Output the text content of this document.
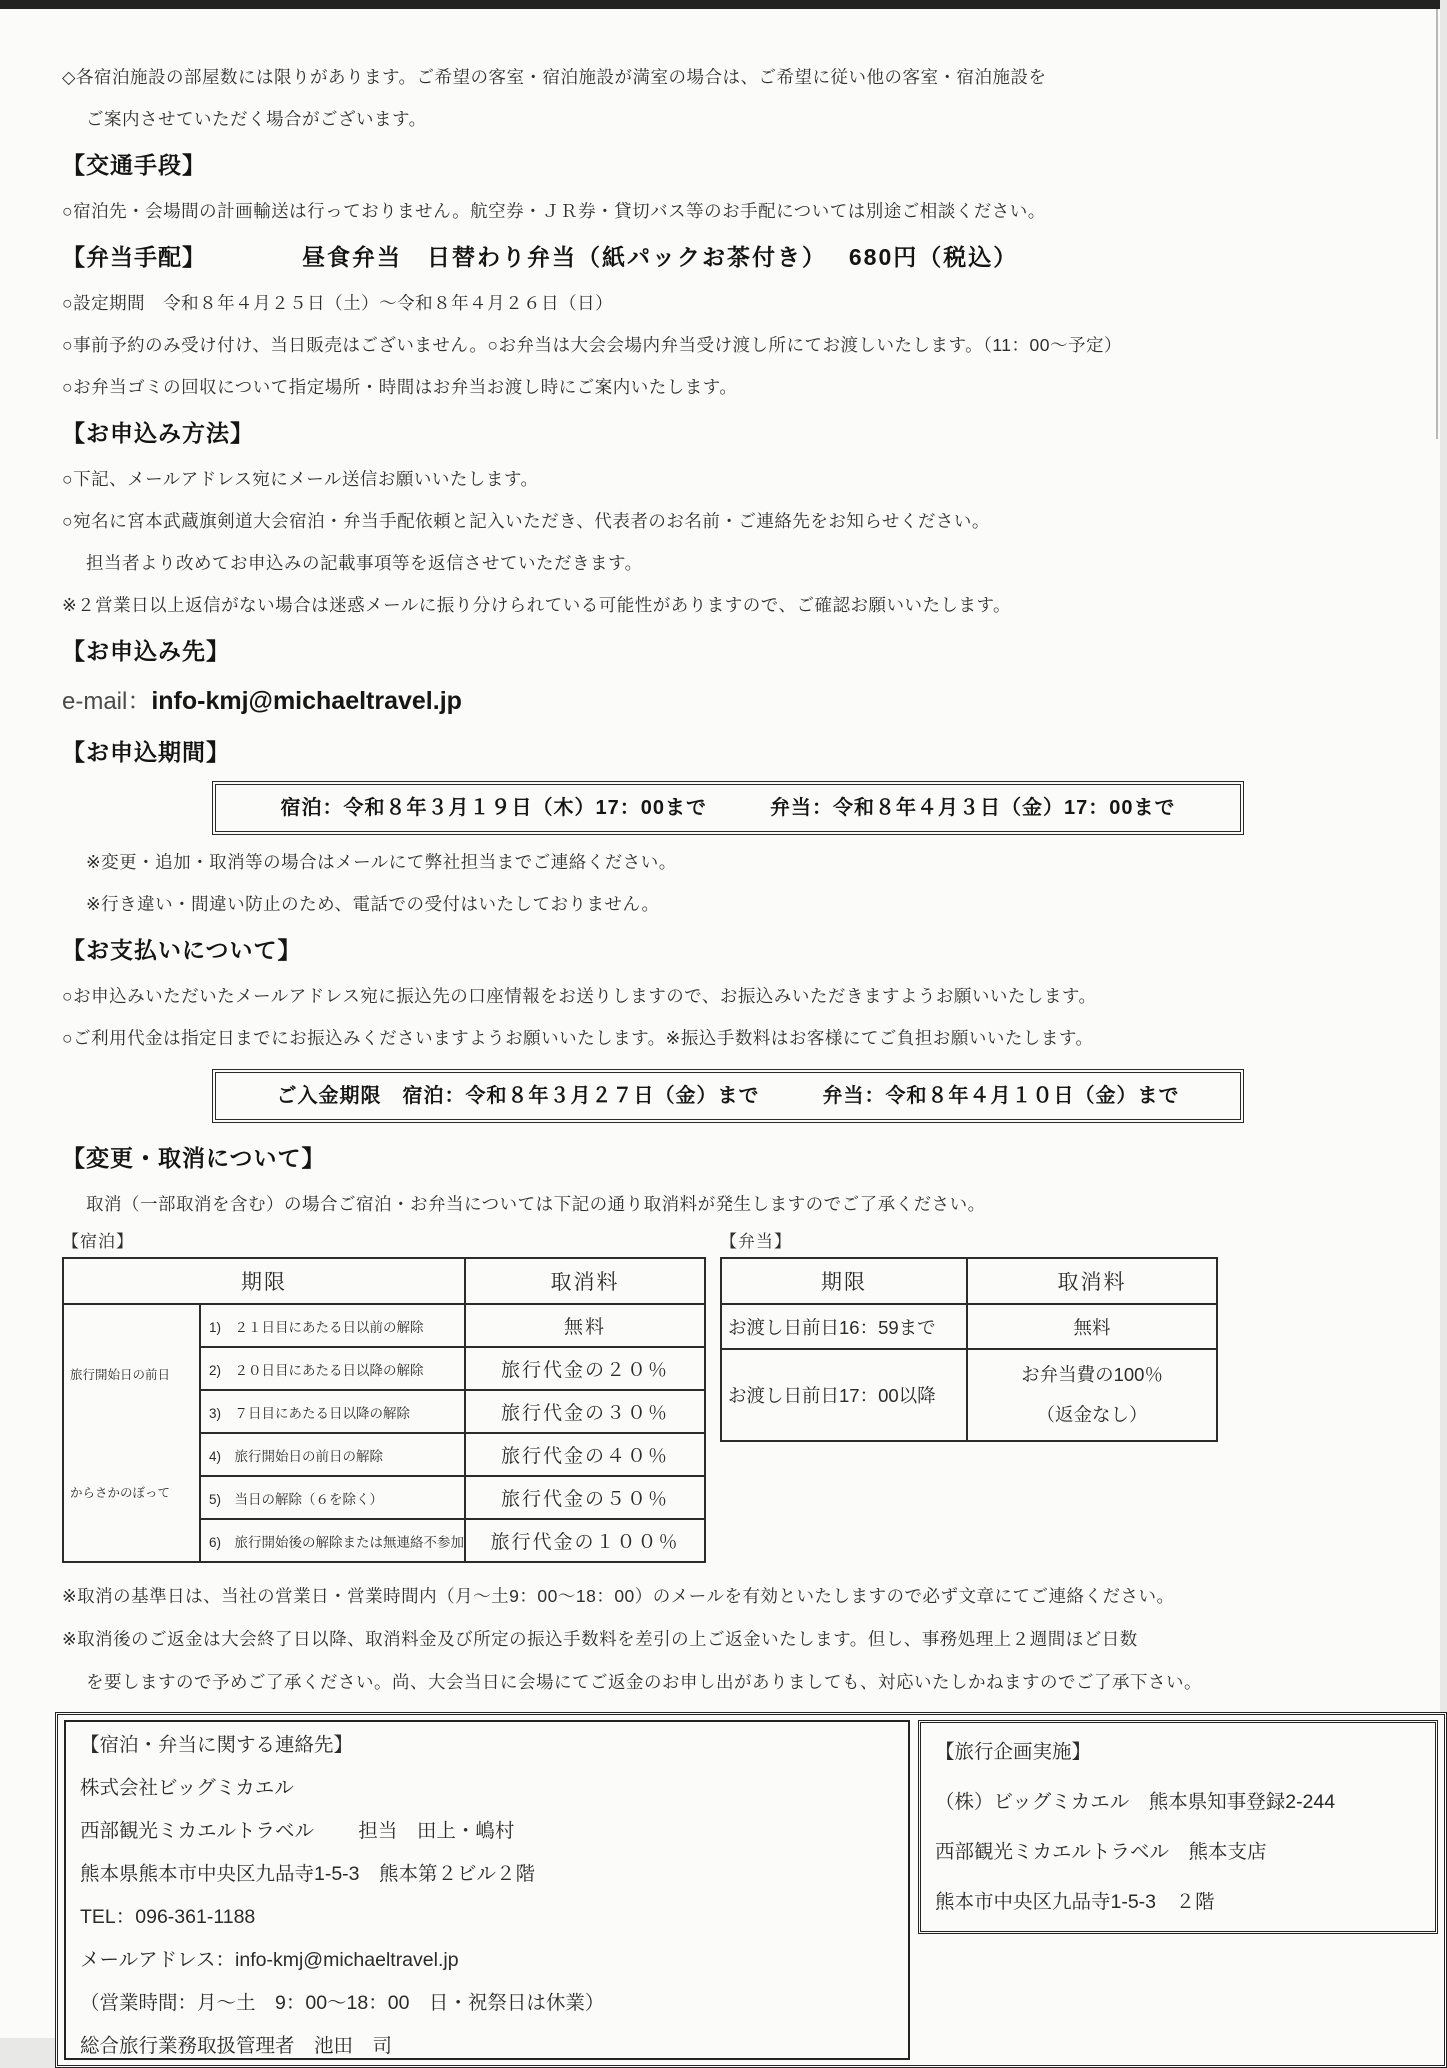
◇各宿泊施設の部屋数には限りがあります。ご希望の客室・宿泊施設が満室の場合は、ご希望に従い他の客室・宿泊施設を
ご案内させていただく場合がございます。
【交通手段】
○宿泊先・会場間の計画輸送は行っておりません。航空券・ＪＲ券・貸切バス等のお手配については別途ご相談ください。
【弁当手配】	昼食弁当　日替わり弁当（紙パックお茶付き）　 680円（税込）
○設定期間　令和８年４月２５日（土）～令和８年４月２６日（日）
○事前予約のみ受け付け、当日販売はございません。○お弁当は大会会場内弁当受け渡し所にてお渡しいたします。（11：00～予定）
○お弁当ゴミの回収について指定場所・時間はお弁当お渡し時にご案内いたします。
【お申込み方法】
○下記、メールアドレス宛にメール送信お願いいたします。
○宛名に宮本武蔵旗剣道大会宿泊・弁当手配依頼と記入いただき、代表者のお名前・ご連絡先をお知らせください。
担当者より改めてお申込みの記載事項等を返信させていただきます。
※２営業日以上返信がない場合は迷惑メールに振り分けられている可能性がありますので、ご確認お願いいたします。
【お申込み先】
e-mail：info-kmj@michaeltravel.jp
【お申込期間】
宿泊：令和８年３月１９日（木）17：00まで　　　弁当：令和８年４月３日（金）17：00まで
※変更・追加・取消等の場合はメールにて弊社担当までご連絡ください。
※行き違い・間違い防止のため、電話での受付はいたしておりません。
【お支払いについて】
○お申込みいただいたメールアドレス宛に振込先の口座情報をお送りしますので、お振込みいただきますようお願いいたします。
○ご利用代金は指定日までにお振込みくださいますようお願いいたします。※振込手数料はお客様にてご負担お願いいたします。
ご入金期限　宿泊：令和８年３月２７日（金）まで　　　弁当：令和８年４月１０日（金）まで
【変更・取消について】
取消（一部取消を含む）の場合ご宿泊・お弁当については下記の通り取消料が発生しますのでご了承ください。
【宿泊】
期限		取消料

旅行開始日の前日
からさかのぼって	1)　２１日目にあたる日以前の解除	無料
	2)　２０日目にあたる日以降の解除	旅行代金の２０％
	3)　７日目にあたる日以降の解除	旅行代金の３０％
	4)　旅行開始日の前日の解除	旅行代金の４０％
	5)　当日の解除（６を除く）	旅行代金の５０％
	6)　旅行開始後の解除または無連絡不参加	旅行代金の１００％
【弁当】
期限	取消料
お渡し日前日16：59まで	無料
お渡し日前日17：00以降	お弁当費の100％
（返金なし）
※取消の基準日は、当社の営業日・営業時間内（月～土9：00～18：00）のメールを有効といたしますので必ず文章にてご連絡ください。
※取消後のご返金は大会終了日以降、取消料金及び所定の振込手数料を差引の上ご返金いたします。但し、事務処理上２週間ほど日数
を要しますので予めご了承ください。尚、大会当日に会場にてご返金のお申し出がありましても、対応いたしかねますのでご了承下さい。
【宿泊・弁当に関する連絡先】
株式会社ビッグミカエル
西部観光ミカエルトラベル　　 担当　田上・嶋村
熊本県熊本市中央区九品寺1-5-3　熊本第２ビル２階
TEL：096-361-1188
メールアドレス：info-kmj@michaeltravel.jp
（営業時間：月～土　9：00～18：00　日・祝祭日は休業）
総合旅行業務取扱管理者　池田　司
【旅行企画実施】
（株）ビッグミカエル　熊本県知事登録2-244
西部観光ミカエルトラベル　熊本支店
熊本市中央区九品寺1-5-3　２階
